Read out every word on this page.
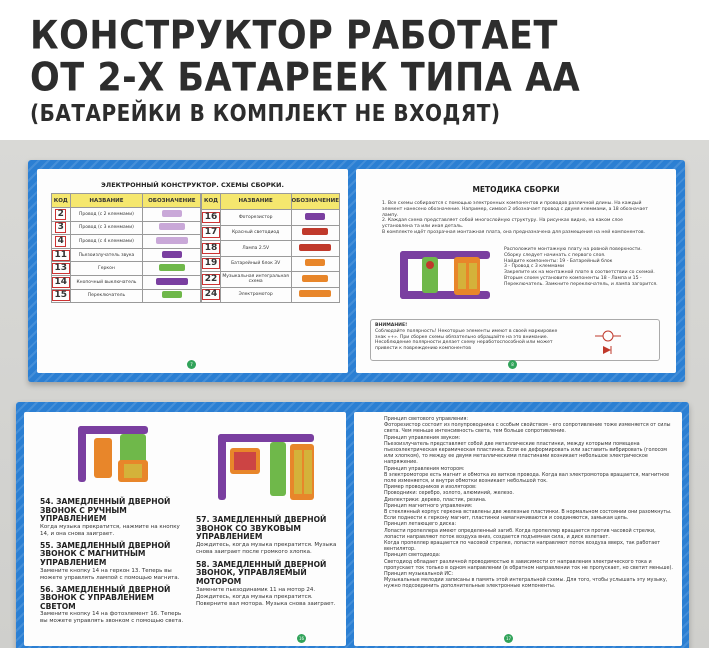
КОНСТРУКТОР РАБОТАЕТ
ОТ 2-Х БАТАРЕЕК ТИПА АА
(БАТАРЕЙКИ В КОМПЛЕКТ НЕ ВХОДЯТ)
ЭЛЕКТРОННЫЙ КОНСТРУКТОР. СХЕМЫ СБОРКИ.
КОД	НАЗВАНИЕ	ОБОЗНАЧЕНИЕ
2	Провод (с 2 клеммами)	
3	Провод (с 3 клеммами)	
4	Провод (с 4 клеммами)	
11	Пьезоизлучатель звука	
13	Геркон	
14	Кнопочный выключатель	
15	Переключатель	
КОД	НАЗВАНИЕ	ОБОЗНАЧЕНИЕ
16	Фоторезистор	
17	Красный светодиод	
18	Лампа 2.5V	
19	Батарейный блок 3V	
22	Музыкальная интегральная схема	
24	Электромотор	
7
МЕТОДИКА СБОРКИ
1. Все схемы собираются с помощью электронных компонентов и проводов различной длины. На каждый элемент нанесено обозначение. Например, символ 2 обозначает провод с двумя клеммами, а 18 обозначает лампу.
2. Каждая схема представляет собой многослойную структуру. На рисунках видно, на каком слое установлена та или иная деталь.
В комплекте идёт прозрачная монтажная плата, она предназначена для размещения на ней компонентов.
Расположите монтажную плату на ровной поверхности.
Сборку следует начинать с первого слоя.
Найдите компоненты: 19 - Батарейный блок
3 - Провод с 3 клеммами
Закрепите их на монтажной плате в соответствии со схемой. Вторым слоем установите компоненты 18 - Лампа и 15 - Переключатель. Замкните переключатель, и лампа загорится.
ВНИМАНИЕ!
Соблюдайте полярность! Некоторые элементы имеют в своей маркировке знак «+». При сборке схемы обязательно обращайте на это внимание. Несоблюдение полярности делает схему неработоспособной или может привести к повреждению компонентов
8
54. ЗАМЕДЛЕННЫЙ ДВЕРНОЙ ЗВОНОК С РУЧНЫМ УПРАВЛЕНИЕМ
Когда музыка прекратится, нажмите на кнопку 14, и она снова заиграет.
55. ЗАМЕДЛЕННЫЙ ДВЕРНОЙ ЗВОНОК С МАГНИТНЫМ УПРАВЛЕНИЕМ
Замените кнопку 14 на геркон 13. Теперь вы можете управлять лампой с помощью магнита.
56. ЗАМЕДЛЕННЫЙ ДВЕРНОЙ ЗВОНОК С УПРАВЛЕНИЕМ СВЕТОМ
Замените кнопку 14 на фотоэлемент 16. Теперь вы можете управлять звонком с помощью света.
57. ЗАМЕДЛЕННЫЙ ДВЕРНОЙ ЗВОНОК СО ЗВУКОВЫМ УПРАВЛЕНИЕМ
Дождитесь, когда музыка прекратится. Музыка снова заиграет после громкого хлопка.
58. ЗАМЕДЛЕННЫЙ ДВЕРНОЙ ЗВОНОК, УПРАВЛЯЕМЫЙ МОТОРОМ
Замените пьезодинамик 11 на мотор 24. Дождитесь, когда музыка прекратится. Поверните вал мотора. Музыка снова заиграет.
16
Принцип светового управления:
Фоторезистор состоит из полупроводника с особым свойством - его сопротивление тоже изменяется от силы света. Чем меньше интенсивность света, тем больше сопротивление.
Принцип управления звуком:
Пьезоизлучатель представляет собой две металлические пластинки, между которыми помещена пьезоэлектрическая керамическая пластинка. Если ее деформировать или заставить вибрировать (голосом или хлопком), то между ее двумя металлическими пластинами возникает небольшое электрическое напряжение.
Принцип управления мотором:
В электромоторе есть магнит и обмотка из витков провода. Когда вал электромотора вращается, магнитное поле изменяется, и внутри обмотки возникает небольшой ток.
Пример проводников и изоляторов:
Проводники: серебро, золото, алюминий, железо.
Диэлектрики: дерево, пластик, резина.
Принцип магнитного управления:
В стеклянный корпус геркона вставлены две железные пластинки. В нормальном состоянии они разомкнуты. Если поднести к геркону магнит, пластинки намагничиваются и соединяются, замыкая цепь.
Принцип летающего диска:
Лопасти пропеллера имеют определенный загиб. Когда пропеллер вращается против часовой стрелки, лопасти направляют поток воздуха вниз, создается подъемная сила, и диск взлетает.
Когда пропеллер вращается по часовой стрелке, лопасти направляют поток воздуха вверх, так работает вентилятор.
Принцип светодиода:
Светодиод обладает различной проводимостью в зависимости от направления электрического тока и пропускает ток только в одном направлении (в обратном направлении ток не пропускает, но светит меньше).
Принцип музыкальной ИС:
Музыкальные мелодии записаны в память этой интегральной схемы. Для того, чтобы услышать эту музыку, нужно подсоединить дополнительные электронные компоненты.
17
